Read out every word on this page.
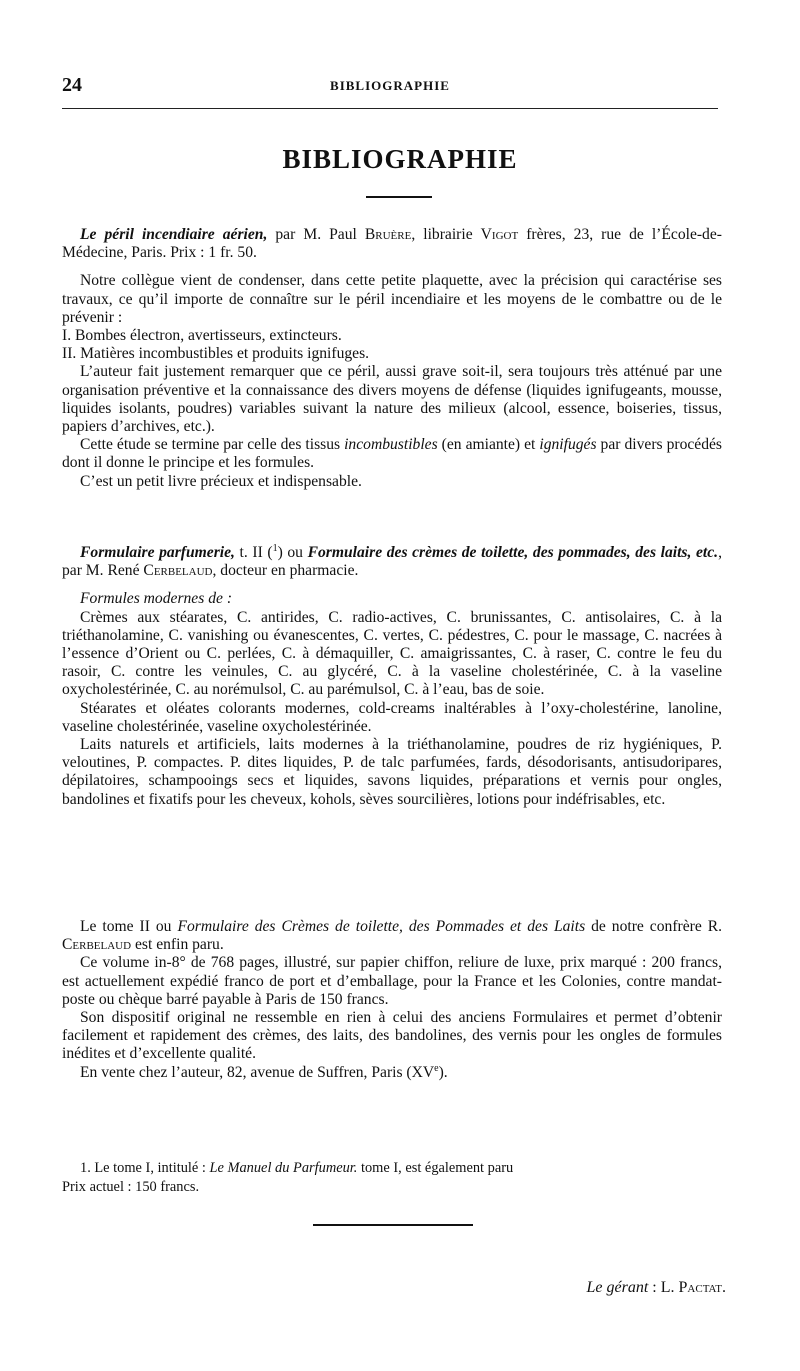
24	BIBLIOGRAPHIE
BIBLIOGRAPHIE

Le péril incendiaire aérien, par M. Paul Bruère, librairie Vigot frères, 23, rue de l’École-de-Médecine, Paris. Prix : 1 fr. 50.

Notre collègue vient de condenser, dans cette petite plaquette, avec la précision qui caractérise ses travaux, ce qu’il importe de connaître sur le péril incendiaire et les moyens de le combattre ou de le prévenir :

I. Bombes électron, avertisseurs, extincteurs.

II. Matières incombustibles et produits ignifuges.

L’auteur fait justement remarquer que ce péril, aussi grave soit-il, sera toujours très atténué par une organisation préventive et la connaissance des divers moyens de défense (liquides ignifugeants, mousse, liquides isolants, poudres) variables suivant la nature des milieux (alcool, essence, boiseries, tissus, papiers d’archives, etc.).

Cette étude se termine par celle des tissus incombustibles (en amiante) et ignifugés par divers procédés dont il donne le principe et les formules.

C’est un petit livre précieux et indispensable.

Formulaire parfumerie, t. II ($^1$) ou Formulaire des crèmes de toilette, des pommades, des laits, etc., par M. René Cerbelaud, docteur en pharmacie.

Formules modernes de :

Crèmes aux stéarates, C. antirides, C. radio-actives, C. brunissantes, C. antisolaires, C. à la triéthanolamine, C. vanishing ou évanescentes, C. vertes, C. pédestres, C. pour le massage, C. nacrées à l’essence d’Orient ou C. perlées, C. à démaquiller, C. amaigrissantes, C. à raser, C. contre le feu du rasoir, C. contre les veinules, C. au glycéré, C. à la vaseline cholestérinée, C. à la vaseline oxycholestérinée, C. au norémulsol, C. au parémulsol, C. à l’eau, bas de soie.

Stéarates et oléates colorants modernes, cold-creams inaltérables à l’oxy-cholestérine, lanoline, vaseline cholestérinée, vaseline oxycholestérinée.

Laits naturels et artificiels, laits modernes à la triéthanolamine, poudres de riz hygiéniques, P. veloutines, P. compactes. P. dites liquides, P. de talc parfumées, fards, désodorisants, antisudoripares, dépilatoires, schampooings secs et liquides, savons liquides, préparations et vernis pour ongles, bandolines et fixatifs pour les cheveux, kohols, sèves sourcilières, lotions pour indéfrisables, etc.

Le tome II ou Formulaire des Crèmes de toilette, des Pommades et des Laits de notre confrère R. Cerbelaud est enfin paru.

Ce volume in-8° de 768 pages, illustré, sur papier chiffon, reliure de luxe, prix marqué : 200 francs, est actuellement expédié franco de port et d’emballage, pour la France et les Colonies, contre mandat-poste ou chèque barré payable à Paris de 150 francs.

Son dispositif original ne ressemble en rien à celui des anciens Formulaires et permet d’obtenir facilement et rapidement des crèmes, des laits, des bandolines, des vernis pour les ongles de formules inédites et d’excellente qualité.

En vente chez l’auteur, 82, avenue de Suffren, Paris (XVe).

1. Le tome I, intitulé : Le Manuel du Parfumeur. tome I, est également paru

Prix actuel : 150 francs.

Le gérant : L. Pactat.
